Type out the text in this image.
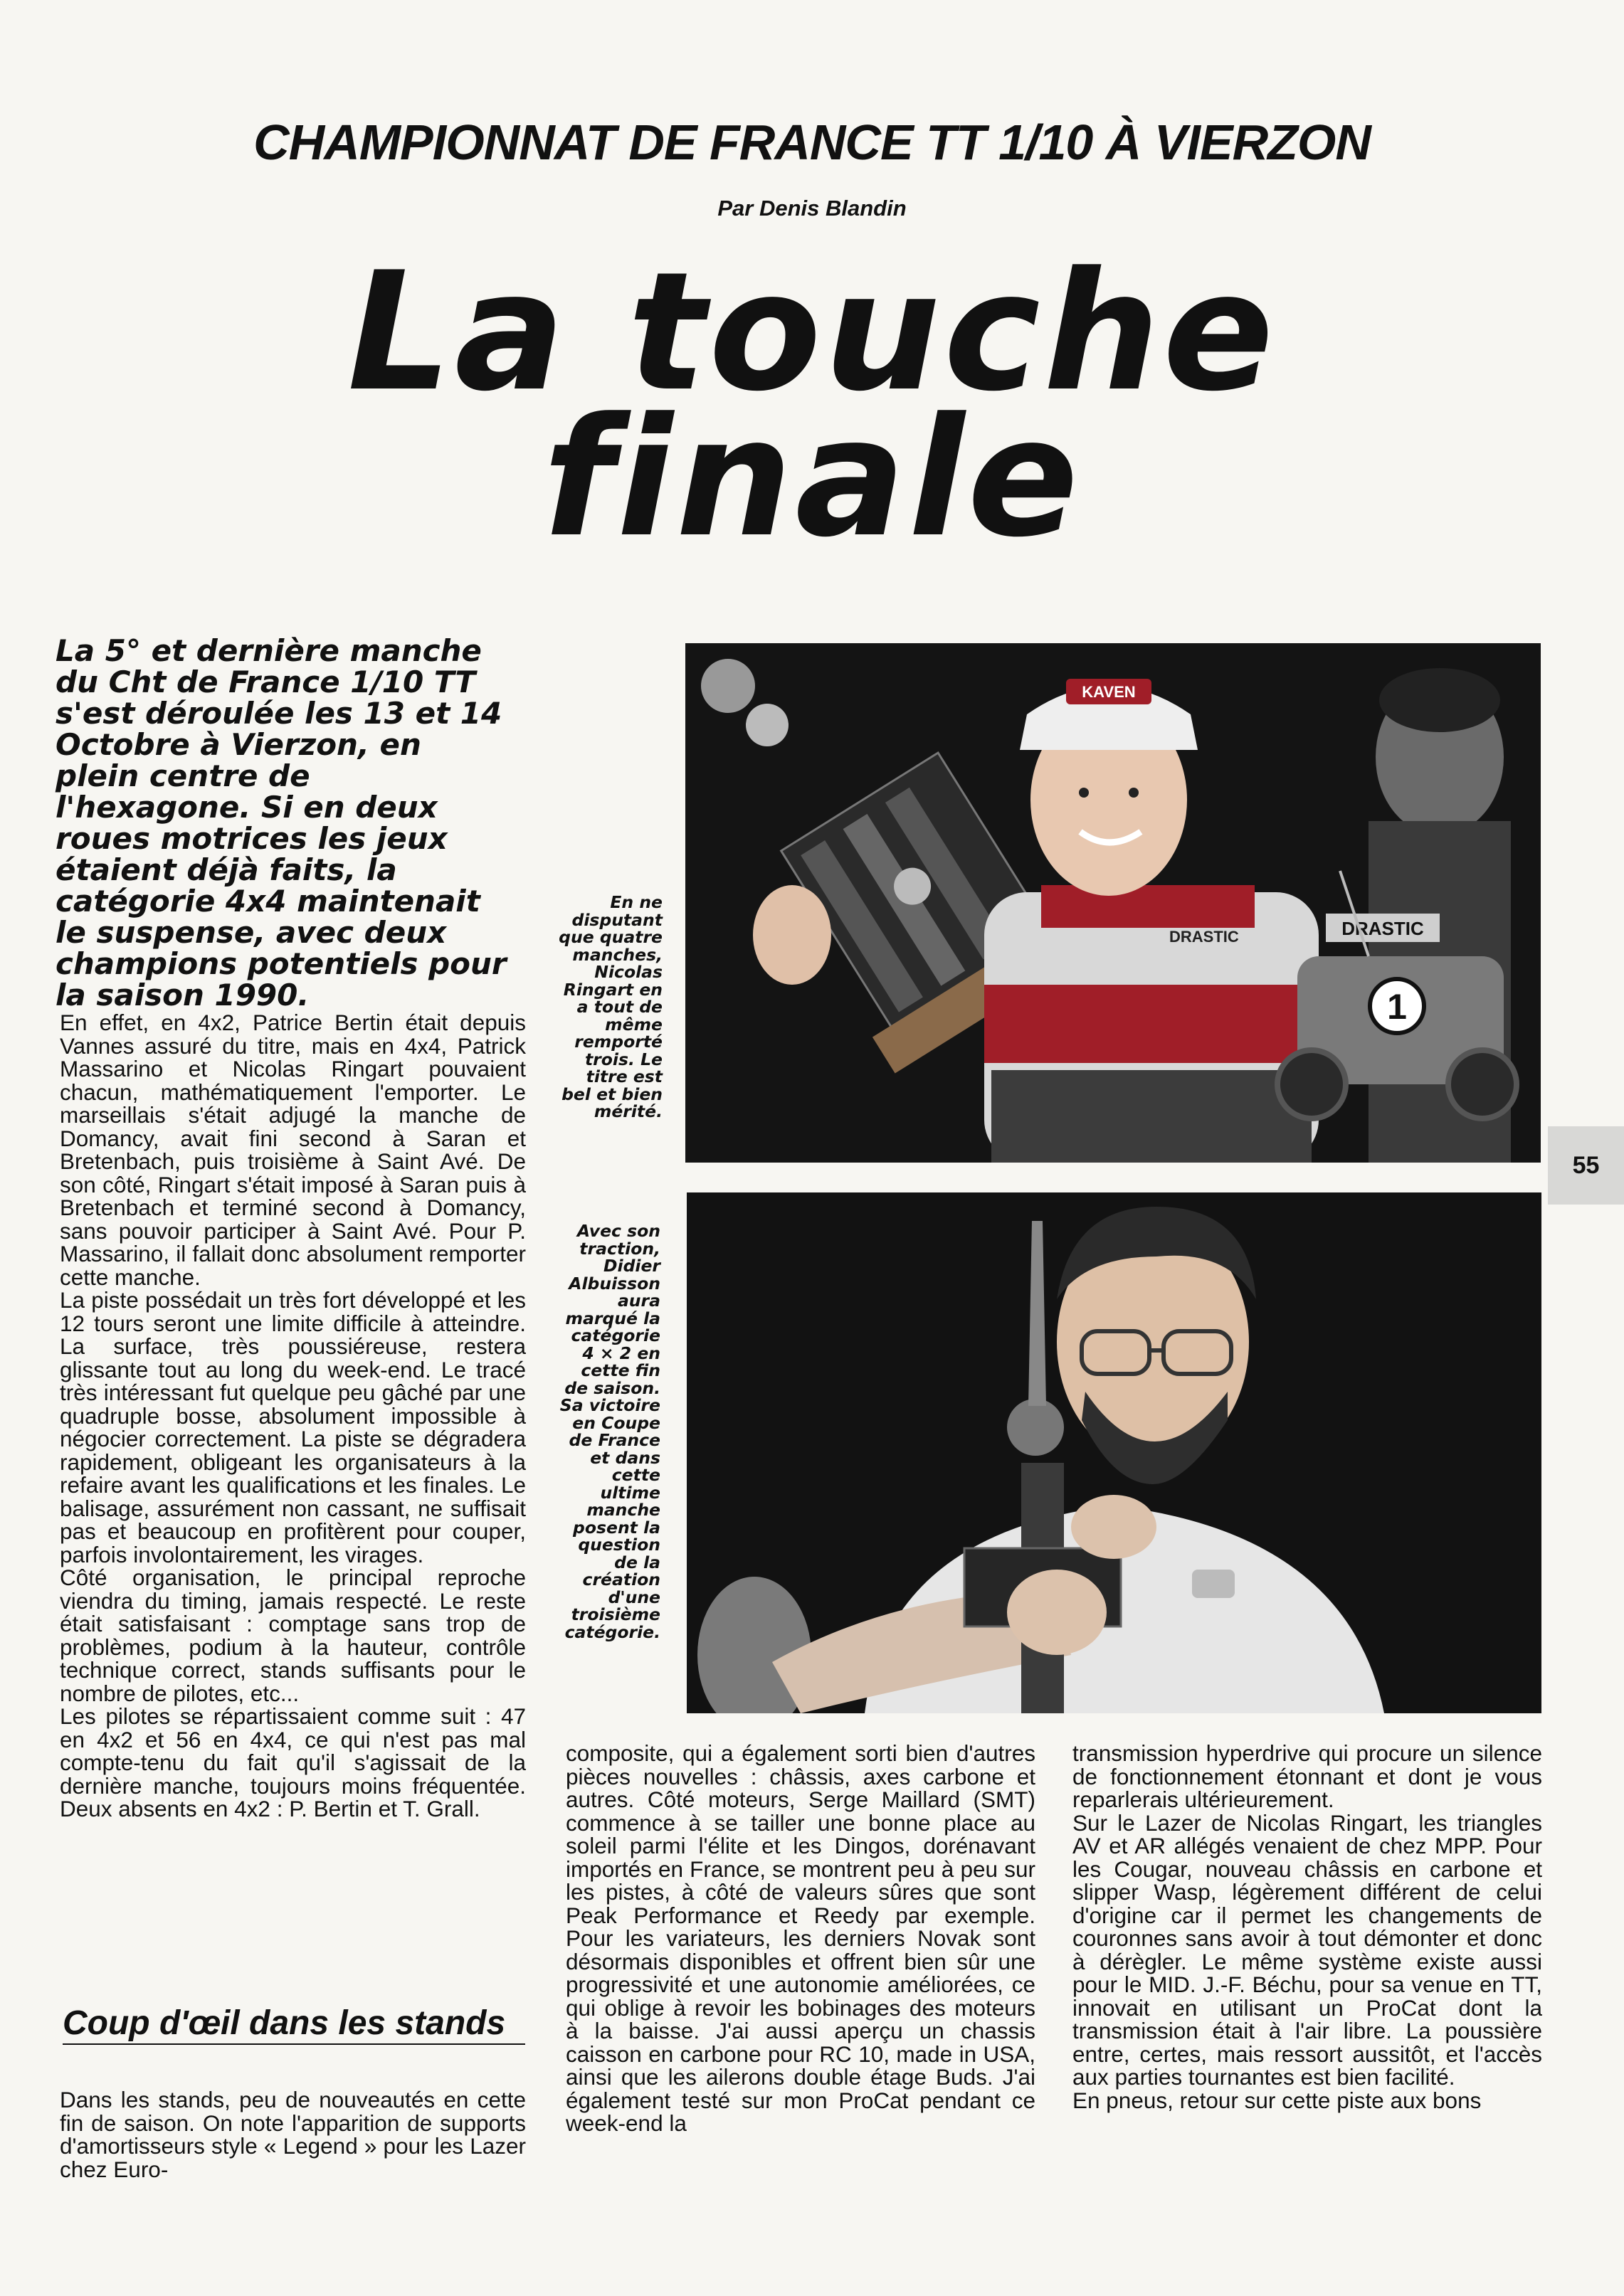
CHAMPIONNAT DE FRANCE TT 1/10 À VIERZON
Par Denis Blandin
La touche
finale
La 5° et dernière manche du Cht de France 1/10 TT s'est déroulée les 13 et 14 Octobre à Vierzon, en plein centre de l'hexagone. Si en deux roues motrices les jeux étaient déjà faits, la catégorie 4x4 maintenait le suspense, avec deux champions potentiels pour la saison 1990.

En effet, en 4x2, Patrice Bertin était depuis Vannes assuré du titre, mais en 4x4, Patrick Massarino et Nicolas Ringart pouvaient chacun, mathématiquement l'emporter. Le marseillais s'était adjugé la manche de Domancy, avait fini second à Saran et Bretenbach, puis troisième à Saint Avé. De son côté, Ringart s'était imposé à Saran puis à Bretenbach et terminé second à Domancy, sans pouvoir participer à Saint Avé. Pour P. Massarino, il fallait donc absolument remporter cette manche.

La piste possédait un très fort développé et les 12 tours seront une limite difficile à atteindre. La surface, très poussiéreuse, restera glissante tout au long du week-end. Le tracé très intéressant fut quelque peu gâché par une quadruple bosse, absolument impossible à négocier correctement. La piste se dégradera rapidement, obligeant les organisateurs à la refaire avant les qualifications et les finales. Le balisage, assurément non cassant, ne suffisait pas et beaucoup en profitèrent pour couper, parfois involontairement, les virages.

Côté organisation, le principal reproche viendra du timing, jamais respecté. Le reste était satisfaisant : comptage sans trop de problèmes, podium à la hauteur, contrôle technique correct, stands suffisants pour le nombre de pilotes, etc...

Les pilotes se répartissaient comme suit : 47 en 4x2 et 56 en 4x4, ce qui n'est pas mal compte-tenu du fait qu'il s'agissait de la dernière manche, toujours moins fréquentée. Deux absents en 4x2 : P. Bertin et T. Grall.

Coup d'œil dans les stands

Dans les stands, peu de nouveautés en cette fin de saison. On note l'apparition de supports d'amortisseurs style « Legend » pour les Lazer chez Euro-

En ne disputant que quatre manches, Nicolas Ringart en a tout de même remporté trois. Le titre est bel et bien mérité.
Avec son traction, Didier Albuisson aura marqué la catégorie 4 × 2 en cette fin de saison. Sa victoire en Coupe de France et dans cette ultime manche posent la question de la création d'une troisième catégorie.
KAVEN
DRASTIC	DRASTIC
1

composite, qui a également sorti bien d'autres pièces nouvelles : châssis, axes carbone et autres. Côté moteurs, Serge Maillard (SMT) commence à se tailler une bonne place au soleil parmi l'élite et les Dingos, dorénavant importés en France, se montrent peu à peu sur les pistes, à côté de valeurs sûres que sont Peak Performance et Reedy par exemple. Pour les variateurs, les derniers Novak sont désormais disponibles et offrent bien sûr une progressivité et une autonomie améliorées, ce qui oblige à revoir les bobinages des moteurs à la baisse. J'ai aussi aperçu un chassis caisson en carbone pour RC 10, made in USA, ainsi que les ailerons double étage Buds. J'ai également testé sur mon ProCat pendant ce week-end la

transmission hyperdrive qui procure un silence de fonctionnement étonnant et dont je vous reparlerais ultérieurement.

Sur le Lazer de Nicolas Ringart, les triangles AV et AR allégés venaient de chez MPP. Pour les Cougar, nouveau châssis en carbone et slipper Wasp, légèrement différent de celui d'origine car il permet les changements de couronnes sans avoir à tout démonter et donc à dérègler. Le même système existe aussi pour le MID. J.-F. Béchu, pour sa venue en TT, innovait en utilisant un ProCat dont la transmission était à l'air libre. La poussière entre, certes, mais ressort aussitôt, et l'accès aux parties tournantes est bien facilité.

En pneus, retour sur cette piste aux bons

55
